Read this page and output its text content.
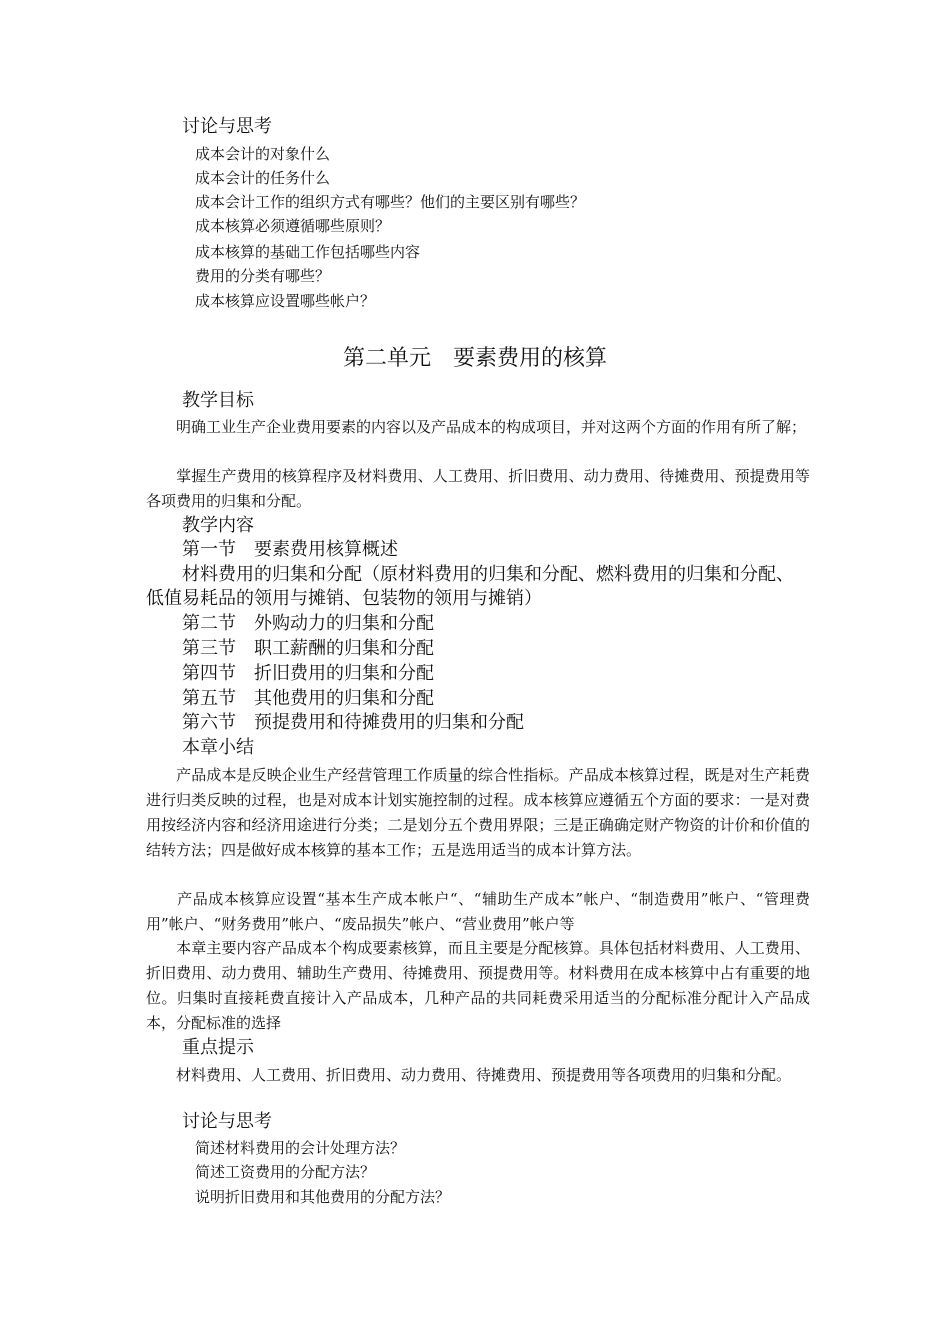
讨论与思考
成本会计的对象什么
成本会计的任务什么
成本会计工作的组织方式有哪些？他们的主要区别有哪些？
成本核算必须遵循哪些原则？
成本核算的基础工作包括哪些内容
费用的分类有哪些？
成本核算应设置哪些帐户？
第二单元　要素费用的核算
教学目标
　　明确工业生产企业费用要素的内容以及产品成本的构成项目，并对这两个方面的作用有所了解；
　　掌握生产费用的核算程序及材料费用、人工费用、折旧费用、动力费用、待摊费用、预提费用等各项费用的归集和分配。
教学内容
第一节　要素费用核算概述
　　材料费用的归集和分配（原材料费用的归集和分配、燃料费用的归集和分配、低值易耗品的领用与摊销、包装物的领用与摊销）
第二节　外购动力的归集和分配
第三节　职工薪酬的归集和分配
第四节　折旧费用的归集和分配
第五节　其他费用的归集和分配
第六节　预提费用和待摊费用的归集和分配
本章小结
　　产品成本是反映企业生产经营管理工作质量的综合性指标。产品成本核算过程，既是对生产耗费进行归类反映的过程，也是对成本计划实施控制的过程。成本核算应遵循五个方面的要求：一是对费用按经济内容和经济用途进行分类；二是划分五个费用界限；三是正确确定财产物资的计价和价值的结转方法；四是做好成本核算的基本工作；五是选用适当的成本计算方法。
　　产品成本核算应设置“基本生产成本帐户“、“辅助生产成本”帐户、“制造费用”帐户、“管理费用”帐户、“财务费用”帐户、“废品损失”帐户、“营业费用”帐户等
　　本章主要内容产品成本个构成要素核算，而且主要是分配核算。具体包括材料费用、人工费用、折旧费用、动力费用、辅助生产费用、待摊费用、预提费用等。材料费用在成本核算中占有重要的地位。归集时直接耗费直接计入产品成本，几种产品的共同耗费采用适当的分配标准分配计入产品成本，分配标准的选择
重点提示
　　材料费用、人工费用、折旧费用、动力费用、待摊费用、预提费用等各项费用的归集和分配。
讨论与思考
简述材料费用的会计处理方法？
简述工资费用的分配方法？
说明折旧费用和其他费用的分配方法？
